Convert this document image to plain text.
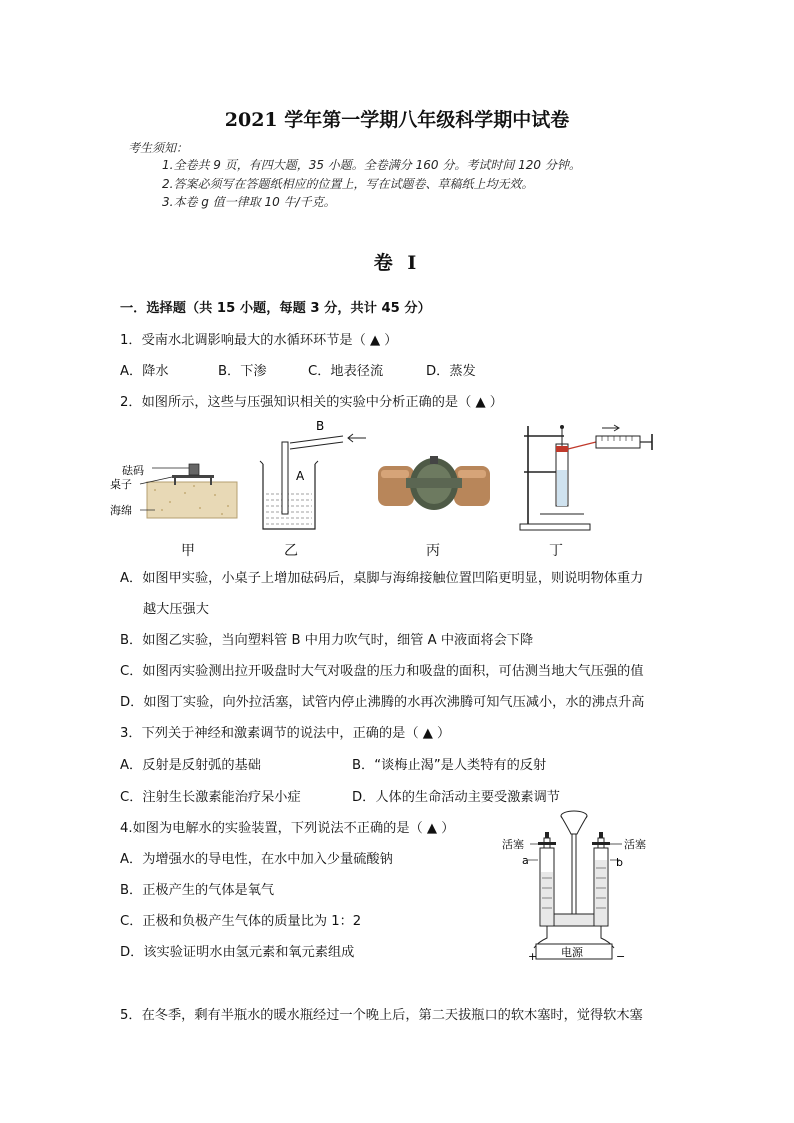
2021 学年第一学期八年级科学期中试卷
考生须知：
1.全卷共 9 页，有四大题，35 小题。全卷满分 160 分。考试时间 120 分钟。
2.答案必须写在答题纸相应的位置上，写在试题卷、草稿纸上均无效。
3.本卷 g 值一律取 10 牛/千克。
卷 Ⅰ
一．选择题（共 15 小题，每题 3 分，共计 45 分）
1．受南水北调影响最大的水循环环节是（ ▲ ）
A．降水	B．下渗	C．地表径流	D．蒸发
2．如图所示，这些与压强知识相关的实验中分析正确的是（ ▲ ）
砝码
桌子
海绵
B
A
甲	乙	丙	丁
A．如图甲实验，小桌子上增加砝码后，桌脚与海绵接触位置凹陷更明显，则说明物体重力
越大压强大
B．如图乙实验，当向塑料管 B 中用力吹气时，细管 A 中液面将会下降
C．如图丙实验测出拉开吸盘时大气对吸盘的压力和吸盘的面积，可估测当地大气压强的值
D．如图丁实验，向外拉活塞，试管内停止沸腾的水再次沸腾可知气压减小，水的沸点升高
3．下列关于神经和激素调节的说法中，正确的是（ ▲ ）
A．反射是反射弧的基础	B．“谈梅止渴”是人类特有的反射
C．注射生长激素能治疗呆小症	D．人体的生命活动主要受激素调节
4.如图为电解水的实验装置，下列说法不正确的是（ ▲ ）
A．为增强水的导电性，在水中加入少量硫酸钠
B．正极产生的气体是氧气
C．正极和负极产生气体的质量比为 1：2
D．该实验证明水由氢元素和氧元素组成
活塞	活塞
a	b
电源
+	−
5．在冬季，剩有半瓶水的暖水瓶经过一个晚上后，第二天拔瓶口的软木塞时，觉得软木塞
